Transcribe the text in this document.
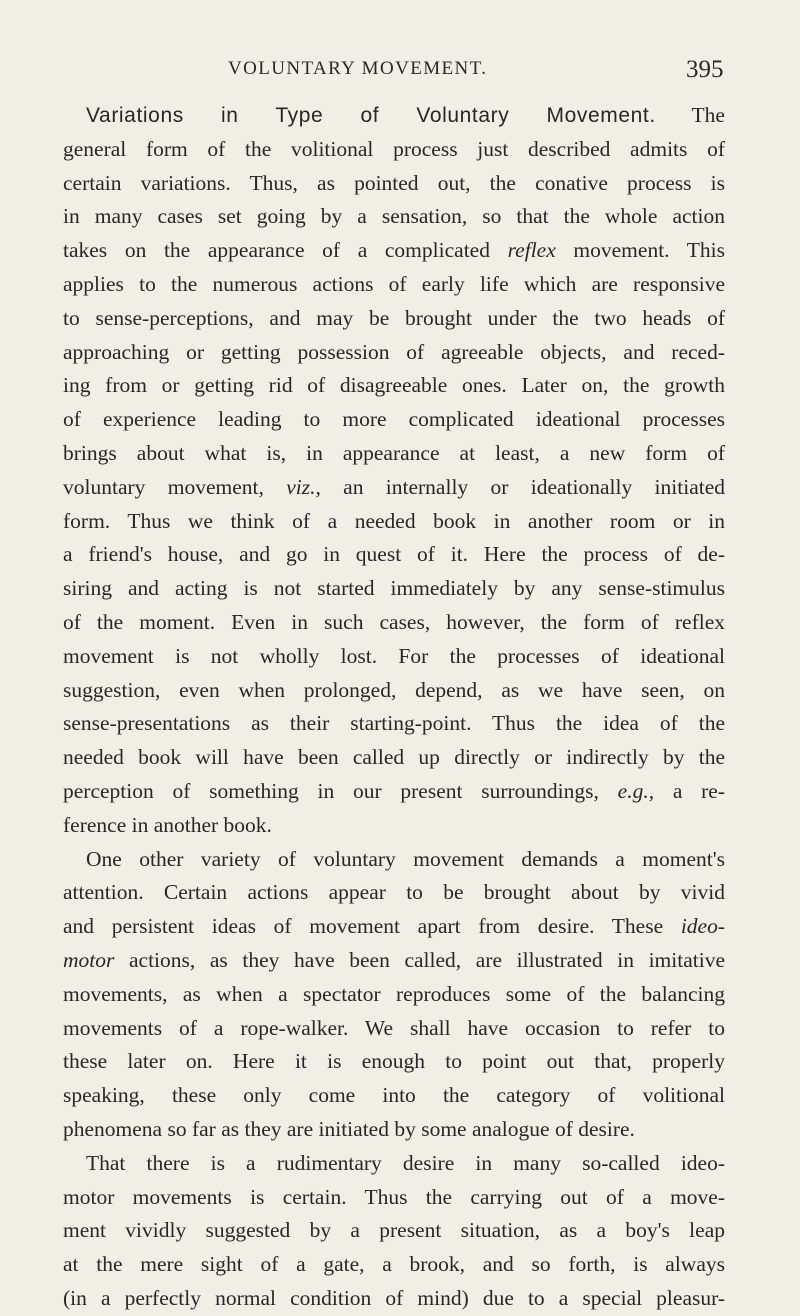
VOLUNTARY MOVEMENT.	395
Variations in Type of Voluntary Movement. The
general form of the volitional process just described admits of
certain variations. Thus, as pointed out, the conative process is
in many cases set going by a sensation, so that the whole action
takes on the appearance of a complicated reflex movement. This
applies to the numerous actions of early life which are responsive
to sense-perceptions, and may be brought under the two heads of
approaching or getting possession of agreeable objects, and reced-
ing from or getting rid of disagreeable ones. Later on, the growth
of experience leading to more complicated ideational processes
brings about what is, in appearance at least, a new form of
voluntary movement, viz., an internally or ideationally initiated
form. Thus we think of a needed book in another room or in
a friend's house, and go in quest of it. Here the process of de-
siring and acting is not started immediately by any sense-stimulus
of the moment. Even in such cases, however, the form of reflex
movement is not wholly lost. For the processes of ideational
suggestion, even when prolonged, depend, as we have seen, on
sense-presentations as their starting-point. Thus the idea of the
needed book will have been called up directly or indirectly by the
perception of something in our present surroundings, e.g., a re-
ference in another book.
One other variety of voluntary movement demands a moment's
attention. Certain actions appear to be brought about by vivid
and persistent ideas of movement apart from desire. These ideo-
motor actions, as they have been called, are illustrated in imitative
movements, as when a spectator reproduces some of the balancing
movements of a rope-walker. We shall have occasion to refer to
these later on. Here it is enough to point out that, properly
speaking, these only come into the category of volitional
phenomena so far as they are initiated by some analogue of desire.
That there is a rudimentary desire in many so-called ideo-
motor movements is certain. Thus the carrying out of a move-
ment vividly suggested by a present situation, as a boy's leap
at the mere sight of a gate, a brook, and so forth, is always
(in a perfectly normal condition of mind) due to a special pleasur-
